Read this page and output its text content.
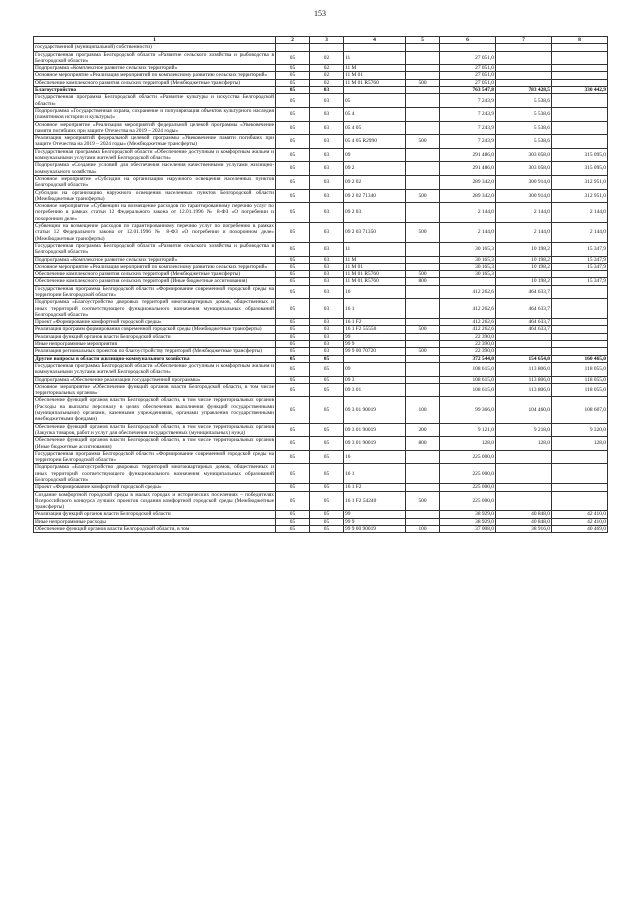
153
1	2	3	4	5	6	7	8
государственной (муниципальной) собственности)							
Государственная программа Белгородской области «Развитие сельского хозяйства и рыбоводства в Белгородской области»	05	02	11		27 051,0		
Подпрограмма «Комплексное развитие сельских территорий»	05	02	11 М		27 051,0		
Основное мероприятие «Реализация мероприятий по комплексному развитию сельских территорий»	05	02	11 М 01		27 051,0		
Обеспечение комплексного развития сельских территорий (Межбюджетные трансферты)	05	02	11 М 01 R5760	500	27 051,0		
Благоустройство	05	03			763 547,8	783 428,5	330 442,9
Государственная программа Белгородской области «Развитие культуры и искусства Белгородской области»	05	03	05		7 243,9	5 538,6	
Подпрограмма «Государственная охрана, сохранение и популяризация объектов культурного наследия (памятников истории и культуры)»	05	03	05 4		7 243,9	5 538,6	
Основное мероприятие «Реализация мероприятий федеральной целевой программы «Увековечение памяти погибших при защите Отечества на 2019 – 2024 годы»	05	03	05 4 05		7 243,9	5 538,6	
Реализация мероприятий федеральной целевой программы «Увековечение памяти погибших при защите Отечества на 2019 – 2024 годы» (Межбюджетные трансферты)	05	03	05 4 05 R2990	500	7 243,9	5 538,6	
Государственная программа Белгородской области «Обеспечение доступным и комфортным жильем и коммунальными услугами жителей Белгородской области»	05	03	09		291 486,0	303 058,0	315 095,0
Подпрограмма «Создание условий для обеспечения населения качественными услугами жилищно-коммунального хозяйства»	05	03	09 2		291 486,0	303 058,0	315 095,0
Основное мероприятие «Субсидии на организацию наружного освещения населенных пунктов Белгородской области»	05	03	09 2 02		289 342,0	300 914,0	312 951,0
Субсидии на организацию наружного освещения населенных пунктов Белгородской области (Межбюджетные трансферты)	05	03	09 2 02 71340	500	289 342,0	300 914,0	312 951,0
Основное мероприятие «Субвенции на возмещение расходов по гарантированному перечню услуг по погребению в рамках статьи 12 Федерального закона от 12.01.1996 № 8-ФЗ «О погребении и похоронном деле»	05	03	09 2 03		2 144,0	2 144,0	2 144,0
Субвенции на возмещение расходов по гарантированному перечню услуг по погребению в рамках статьи 12 Федерального закона от 12.01.1996 № 8-ФЗ «О погребении и похоронном деле» (Межбюджетные трансферты)	05	03	09 2 03 71350	500	2 144,0	2 144,0	2 144,0
Государственная программа Белгородской области «Развитие сельского хозяйства и рыбоводства в Белгородской области»	05	03	11		30 165,3	10 198,2	15 347,9
Подпрограмма «Комплексное развитие сельских территорий»	05	03	11 М		30 165,3	10 198,2	15 347,9
Основное мероприятие «Реализация мероприятий по комплексному развитию сельских территорий»	05	03	11 М 01		30 165,3	10 198,2	15 347,9
Обеспечение комплексного развития сельских территорий (Межбюджетные трансферты)	05	03	11 М 01 R5760	500	30 165,3		
Обеспечение комплексного развития сельских территорий (Иные бюджетные ассигнования)	05	03	11 М 01 R5760	800		10 198,2	15 347,9
Государственная программа Белгородской области «Формирование современной городской среды на территории Белгородской области»	05	03	16		412 262,6	464 633,7	
Подпрограмма «Благоустройство дворовых территорий многоквартирных домов, общественных и иных территорий соответствующего функционального назначения муниципальных образований Белгородской области»	05	03	16 1		412 262,6	464 633,7	
Проект «Формирование комфортной городской среды»	05	03	16 1 F2		412 262,6	464 633,7	
Реализация программ формирования современной городской среды (Межбюджетные трансферты)	05	03	16 1 F2 55550	500	412 262,6	464 633,7	
Реализация функций органов власти Белгородской области	05	03	99		22 390,0		
Иные непрограммные мероприятия	05	03	99 9		22 390,0		
Реализация региональных проектов по благоустройству территорий (Межбюджетные трансферты)	05	03	99 9 00 70720	500	22 390,0		
Другие вопросы в области жилищно-коммунального хозяйства	05	05			372 544,0	154 654,0	160 465,0
Государственная программа Белгородской области «Обеспечение доступным и комфортным жильем и коммунальными услугами жителей Белгородской области»	05	05	09		108 615,0	113 806,0	118 055,0
Подпрограмма «Обеспечение реализации государственной программы»	05	05	09 3		108 615,0	113 806,0	118 055,0
Основное мероприятие «Обеспечение функций органов власти Белгородской области, в том числе территориальных органов»	05	05	09 3 01		108 615,0	113 806,0	118 055,0
Обеспечение функций органов власти Белгородской области, в том числе территориальных органов (Расходы на выплаты персоналу в целях обеспечения выполнения функций государственными (муниципальными) органами, казенными учреждениями, органами управления государственными внебюджетными фондами)	05	05	09 3 01 90019	100	99 366,0	104 460,0	108 607,0
Обеспечение функций органов власти Белгородской области, в том числе территориальных органов (Закупка товаров, работ и услуг для обеспечения государственных (муниципальных) нужд)	05	05	09 3 01 90019	200	9 121,0	9 218,0	9 320,0
Обеспечение функций органов власти Белгородской области, в том числе территориальных органов (Иные бюджетные ассигнования)	05	05	09 3 01 90019	800	128,0	128,0	128,0
Государственная программа Белгородской области «Формирование современной городской среды на территории Белгородской области»	05	05	16		225 000,0		
Подпрограмма «Благоустройство дворовых территорий многоквартирных домов, общественных и иных территорий соответствующего функционального назначения муниципальных образований Белгородской области»	05	05	16 1		225 000,0		
Проект «Формирование комфортной городской среды»	05	05	16 1 F2		225 000,0		
Создание комфортной городской среды в малых городах и исторических поселениях – победителях Всероссийского конкурса лучших проектов создания комфортной городской среды (Межбюджетные трансферты)	05	05	16 1 F2 54240	500	225 000,0		
Реализация функций органов власти Белгородской области	05	05	99		38 929,0	40 848,0	42 410,0
Иные непрограммные расходы	05	05	99 9		38 929,0	40 848,0	42 410,0
Обеспечение функций органов власти Белгородской области, в том	05	05	99 9 00 90019	100	37 008,0	38 916,0	40 469,0
